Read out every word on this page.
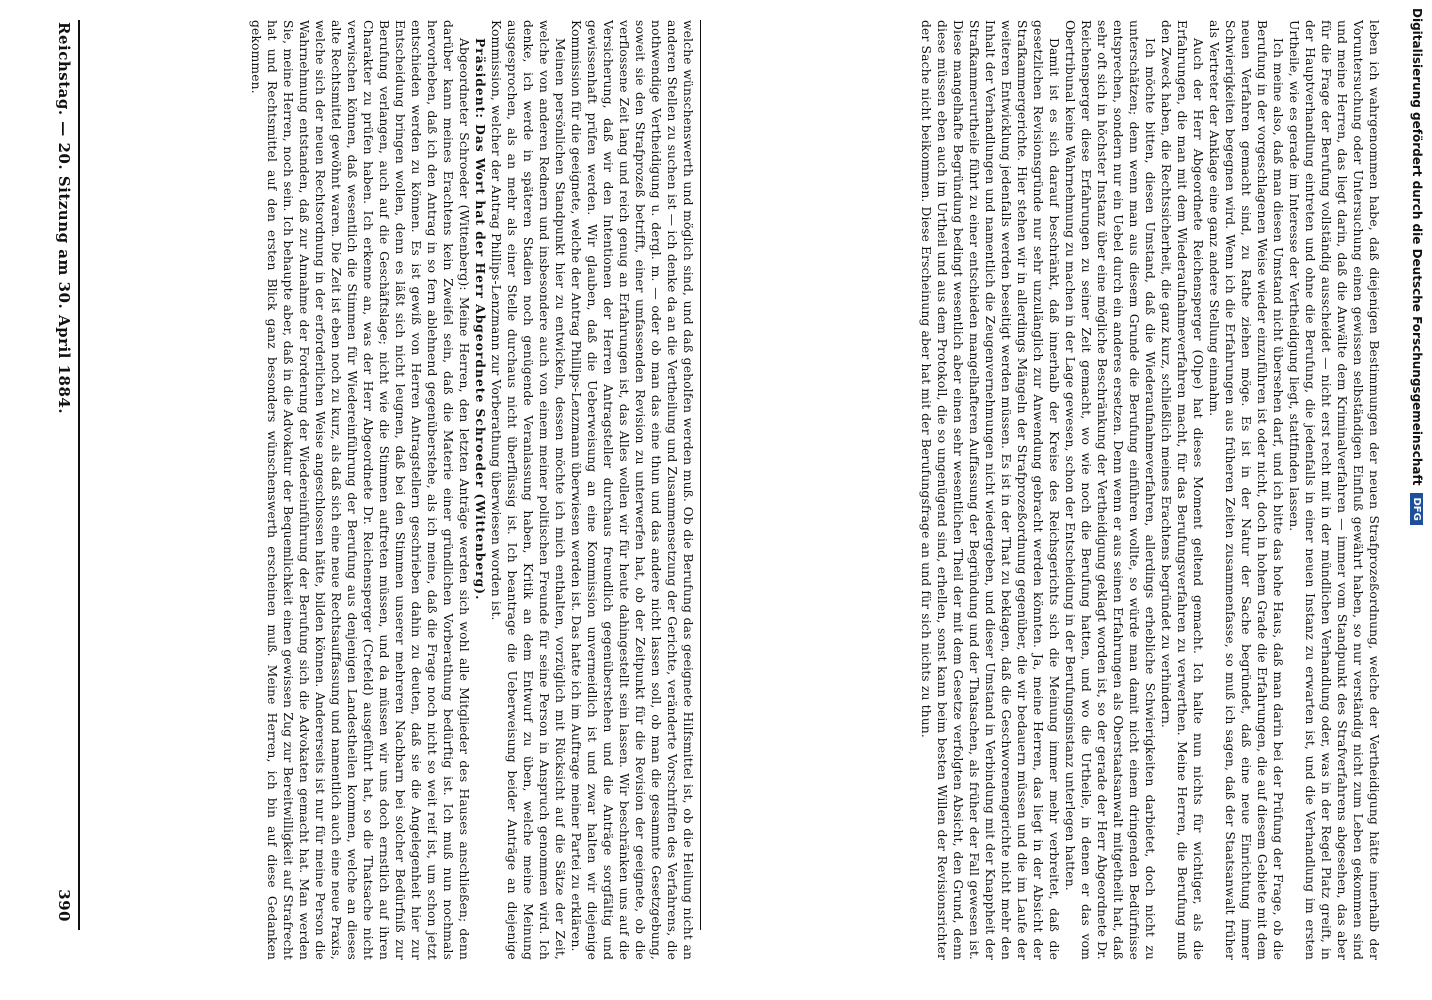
Reichstag. — 20. Sitzung am 30. April 1884.
390	welche wünschenswerth und möglich sind, und daß geholfen werden muß. Ob die Berufung das geeignete Hilfsmittel ist, ob die Heilung nicht an anderen Stellen zu suchen ist — ich denke da an die Vertheilung und Zusammensetzung der Gerichte, veränderte Vorschriften des Verfahrens, die nothwendige Vertheidigung u. dergl. m. — oder ob man das eine thun und das andere nicht lassen soll, ob man die gesammte Gesetzgebung, soweit sie den Strafprozeß betrifft, einer umfassenden Revision zu unterwerfen hat, ob der Zeitpunkt für die Revision der geeignete, ob die verflossene Zeit lang und reich genug an Erfahrungen ist, das Alles wollen wir für heute dahingestellt sein lassen. Wir beschränken uns auf die Versicherung, daß wir den Intentionen der Herren Antragsteller durchaus freundlich gegenüberstehen und die Anträge sorgfältig und gewissenhaft prüfen werden. Wir glauben, daß die Ueberweisung an eine Kommission unvermeidlich ist und zwar halten wir diejenige Kommission für die geeignete, welche der Antrag Phillips-Lenzmann überwiesen werden ist. Das hatte ich im Auftrage meiner Partei zu erklären.

Meinen persönlichen Standpunkt hier zu entwickeln, dessen möchte ich mich enthalten, vorzüglich mit Rücksicht auf die Sätze der Zeit, welche von anderen Rednern und insbesondere auch von einem meiner politischen Freunde für seine Person in Anspruch genommen wird. Ich denke, ich werde in späteren Stadien noch genügende Veranlassung haben, Kritik an dem Entwurf zu üben, welche meine Meinung ausgesprochen, als an mehr als einer Stelle durchaus nicht überflüssig ist. Ich beantrage die Ueberweisung beider Anträge an diejenige Kommission, welcher der Antrag Phillips-Lenzmann zur Vorberathung überwiesen worden ist.

Präsident: Das Wort hat der Herr Abgeordnete Schroeder (Wittenberg).

Abgeordneter Schroeder (Wittenberg): Meine Herren, den letzten Anträge werden sich wohl alle Mitglieder des Hauses anschließen; denn darüber kann meines Erachtens kein Zweifel sein, daß die Materie einer gründlichen Vorberathung bedürftig ist. Ich muß nun nochmals hervorheben, daß ich den Antrag in so fern ablehnend gegenüberstehe, als ich meine, daß die Frage noch nicht so weit reif ist, um schon jetzt entschieden werden zu können. Es ist gewiß von Herren Antragstellern geschrieben dahin zu deuten, daß sie die Angelegenheit hier zur Entscheidung bringen wollen, denn es läßt sich nicht leugnen, daß bei den Stimmen unserer mehreren Nachbarn bei solcher Bedürfniß zur Berufung verlangen, auch auf die Geschäftslage; nicht wie die Stimmen auftreten müssen, und da müssen wir uns doch ernstlich auf ihren Charakter zu prüfen haben. Ich erkenne an, was der Herr Abgeordnete Dr. Reichensperger (Crefeld) ausgeführt hat, so die Thatsache nicht verwischen können, daß wesentlich die Stimmen für Wiedereinführung der Berufung aus denjenigen Landestheilen kommen, welche an dieses alte Rechtsmittel gewöhnt waren. Die Zeit ist eben noch zu kurz, als daß sich eine neue Rechtsauffassung und namentlich auch eine neue Praxis, welche sich der neuen Rechtsordnung in der erforderlichen Weise angeschlossen hätte, bilden können. Andererseits ist nur für meine Person die Wahrnehmung entstanden, daß zur Annahme der Forderung der Wiedereinführung der Berufung sich die Advokaten gemacht hat. Man werden Sie, meine Herren, noch sein. Ich behaupte aber, daß in die Advokatur der Bequemlichkeit einen gewissen Zug zur Bereitwilligkeit auf Strafrecht hat und Rechtsmittel auf den ersten Blick ganz besonders wünschenswerth erscheinen muß. Meine Herren, ich bin auf diese Gedanken gekommen.	leben ich wahrgenommen habe, daß diejenigen Bestimmungen der neuen Strafprozeßordnung, welche der Vertheidigung hätte innerhalb der Voruntersuchung oder Untersuchung einen gewissen selbständigen Einfluß gewährt haben, so nur verständig nicht zum Leben gekommen sind und meine Herren, das liegt darin, daß die Anwälte dem Kriminalverfahren — immer vom Standpunkt des Strafverfahrens abgesehen, das aber für die Frage der Berufung vollständig ausscheidet — nicht erst recht mit in der mündlichen Verhandlung oder, was in der Regel Platz greift, in der Hauptverhandlung eintreten und ohne die Berufung, die jedenfalls in einer neuen Instanz zu erwarten ist, und die Verhandlung im ersten Urtheile, wie es gerade im Interesse der Vertheidigung liegt, stattfinden lassen.

Ich meine also, daß man diesen Umstand nicht übersehen darf, und ich bitte das hohe Haus, daß man darin bei der Prüfung der Frage, ob die Berufung in der vorgeschlagenen Weise wieder einzuführen ist oder nicht, doch in hohem Grade die Erfahrungen, die auf diesem Gebiete mit dem neuen Verfahren gemacht sind, zu Rathe ziehen möge. Es ist in der Natur der Sache begründet, daß eine neue Einrichtung immer Schwierigkeiten begegnen wird. Wenn ich die Erfahrungen aus früheren Zeiten zusammenfasse, so muß ich sagen, daß der Staatsanwalt früher als Vertreter der Anklage eine ganz andere Stellung einnahm.

Auch der Herr Abgeordnete Reichensperger (Olpe) hat dieses Moment geltend gemacht. Ich halte nun nichts für wichtiger, als die Erfahrungen, die man mit dem Wiederaufnahmeverfahren macht, für das Berufungsverfahren zu verwerthen. Meine Herren, die Berufung muß den Zweck haben, die Rechtssicherheit, die ganz kurz, schließlich meines Erachtens begründet zu verhindern.

Ich möchte bitten, diesen Umstand, daß die Wiederaufnahmeverfahren, allerdings erhebliche Schwierigkeiten darbietet, doch nicht zu unterschätzen; denn wenn man aus diesem Grunde die Berufung einführen wollte, so würde man damit nicht einem dringenden Bedürfnisse entsprechen, sondern nur ein Uebel durch ein anderes ersetzen. Denn wenn er aus seinen Erfahrungen als Oberstaatsanwalt mitgetheilt hat, daß sehr oft sich in höchster Instanz über eine mögliche Beschränkung der Vertheidigung geklagt worden ist, so der gerade der Herr Abgeordnete Dr. Reichensperger diese Erfahrungen zu seiner Zeit gemacht, wo wie noch die Berufung hatten, und wo die Urtheile, in denen er das vom Obertribunal keine Wahrnehmung zu machen in der Lage gewesen, schon der Entscheidung in der Berufungsinstanz unterlegen hatten.

Damit ist es sich darauf beschränkt, daß innerhalb der Kreise des Reichsgerichts sich die Meinung immer mehr verbreitet, daß die gesetzlichen Revisionsgründe nur sehr unzulänglich zur Anwendung gebracht werden könnten. Ja, meine Herren, das liegt in der Absicht der Strafkammergerichte. Hier stehen wir in allerdings Mängeln der Strafprozeßordnung gegenüber, die wir bedauern müssen und die im Laufe der weiteren Entwicklung jedenfalls werden beseitigt werden müssen. Es ist in der That zu beklagen, daß die Geschworenengerichte nicht mehr den Inhalt der Verhandlungen und namentlich die Zeugenvernehmungen nicht wiedergeben, und dieser Umstand in Verbindung mit der Knappheit der Strafkammerurtheile führt zu einer entschieden mangelhafteren Auffassung der Begründung und der Thatsachen, als früher der Fall gewesen ist. Diese mangelhafte Begründung bedingt wesentlich aber einen sehr wesentlichen Theil der mit dem Gesetze verfolgten Absicht, den Grund, denn diese müssen eben auch im Urtheil und aus dem Protokoll, die so ungenügend sind, erhellen, sonst kann beim besten Willen der Revisionsrichter der Sache nicht beikommen. Diese Erscheinung aber hat mit der Berufungsfrage an und für sich nichts zu thun.	Digitalisierung gefördert durch die Deutsche Forschungsgemeinschaft
DFG
